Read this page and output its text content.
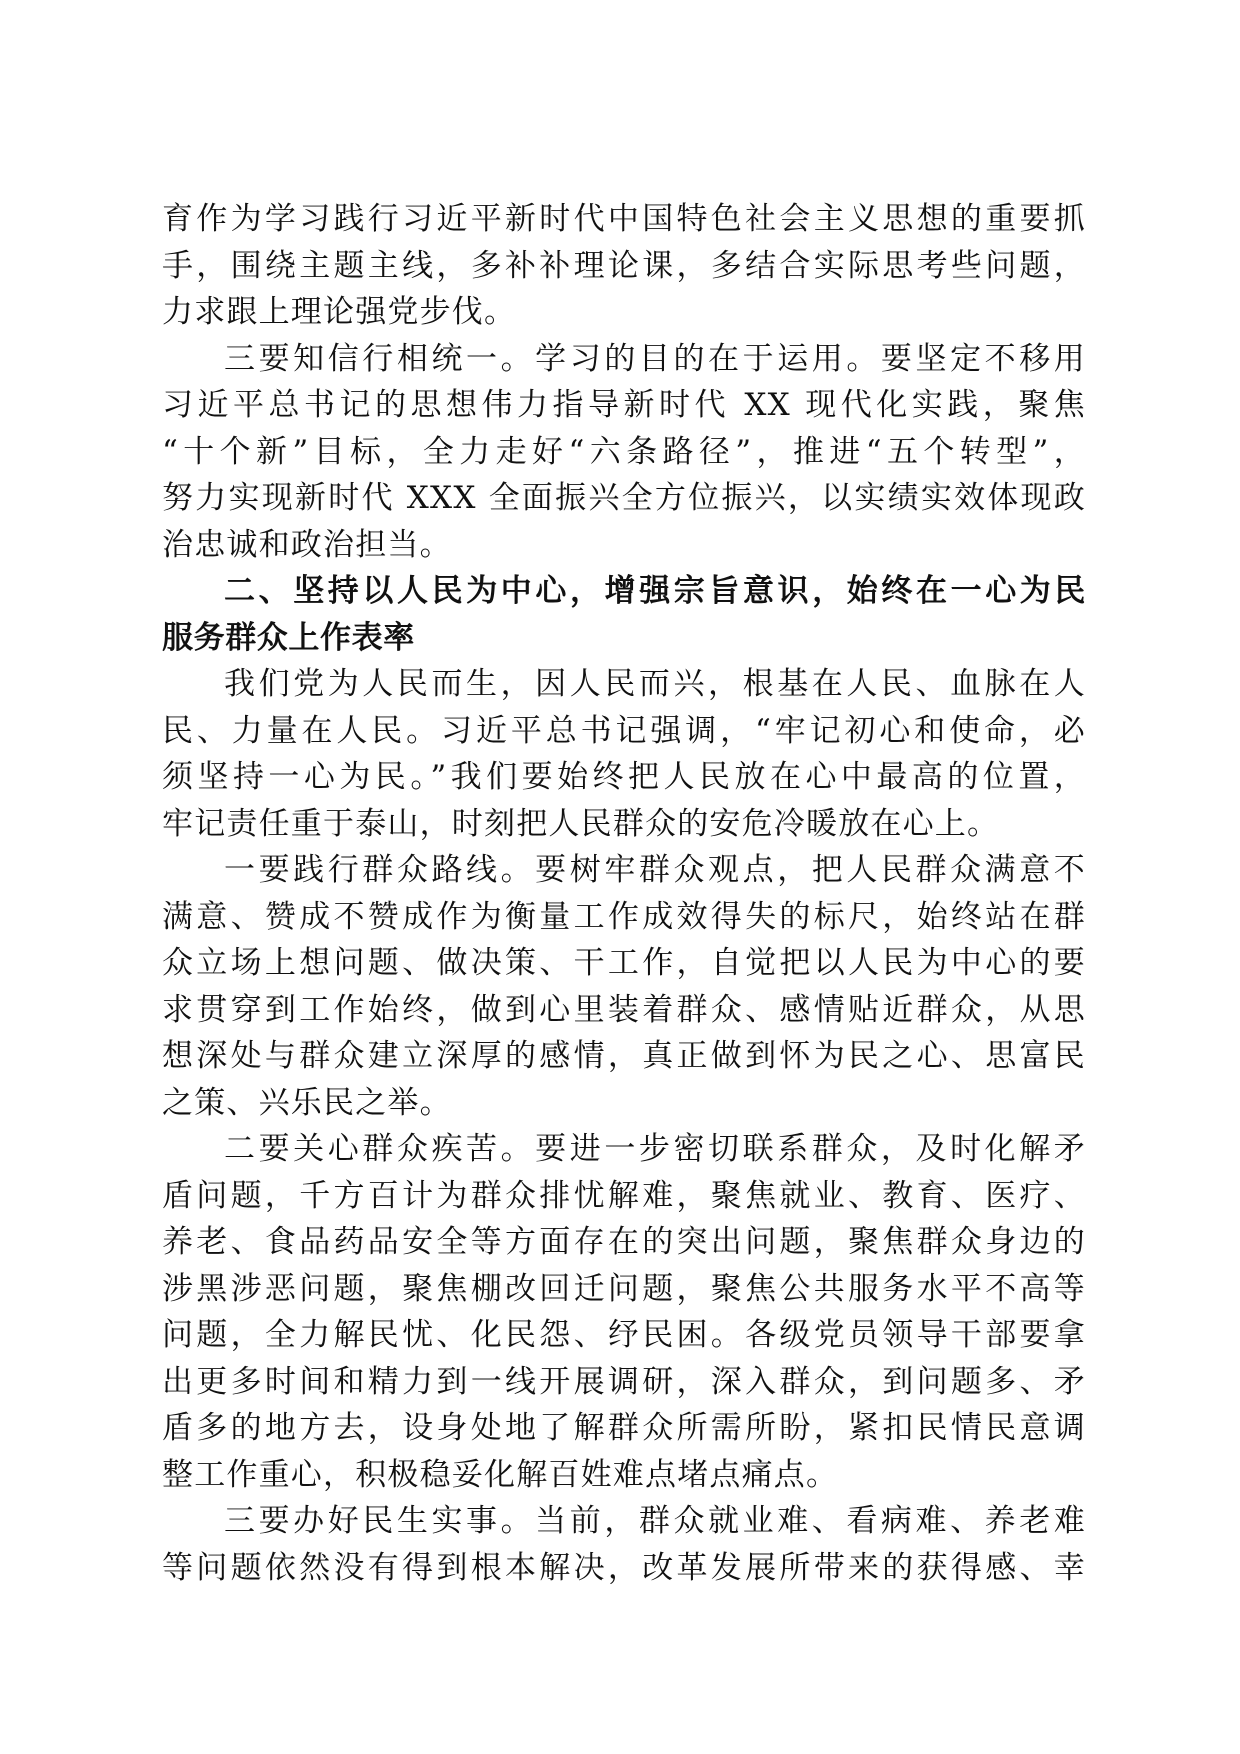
育作为学习践行习近平新时代中国特色社会主义思想的重要抓
手，围绕主题主线，多补补理论课，多结合实际思考些问题，
力求跟上理论强党步伐。
三要知信行相统一。学习的目的在于运用。要坚定不移用
习近平总书记的思想伟力指导新时代 XX 现代化实践，聚焦
“十个新”目标，全力走好“六条路径”，推进“五个转型”，
努力实现新时代 XXX 全面振兴全方位振兴，以实绩实效体现政
治忠诚和政治担当。
二、坚持以人民为中心，增强宗旨意识，始终在一心为民
服务群众上作表率
我们党为人民而生，因人民而兴，根基在人民、血脉在人
民、力量在人民。习近平总书记强调，“牢记初心和使命，必
须坚持一心为民。”我们要始终把人民放在心中最高的位置，
牢记责任重于泰山，时刻把人民群众的安危冷暖放在心上。
一要践行群众路线。要树牢群众观点，把人民群众满意不
满意、赞成不赞成作为衡量工作成效得失的标尺，始终站在群
众立场上想问题、做决策、干工作，自觉把以人民为中心的要
求贯穿到工作始终，做到心里装着群众、感情贴近群众，从思
想深处与群众建立深厚的感情，真正做到怀为民之心、思富民
之策、兴乐民之举。
二要关心群众疾苦。要进一步密切联系群众，及时化解矛
盾问题，千方百计为群众排忧解难，聚焦就业、教育、医疗、
养老、食品药品安全等方面存在的突出问题，聚焦群众身边的
涉黑涉恶问题，聚焦棚改回迁问题，聚焦公共服务水平不高等
问题，全力解民忧、化民怨、纾民困。各级党员领导干部要拿
出更多时间和精力到一线开展调研，深入群众，到问题多、矛
盾多的地方去，设身处地了解群众所需所盼，紧扣民情民意调
整工作重心，积极稳妥化解百姓难点堵点痛点。
三要办好民生实事。当前，群众就业难、看病难、养老难
等问题依然没有得到根本解决，改革发展所带来的获得感、幸
